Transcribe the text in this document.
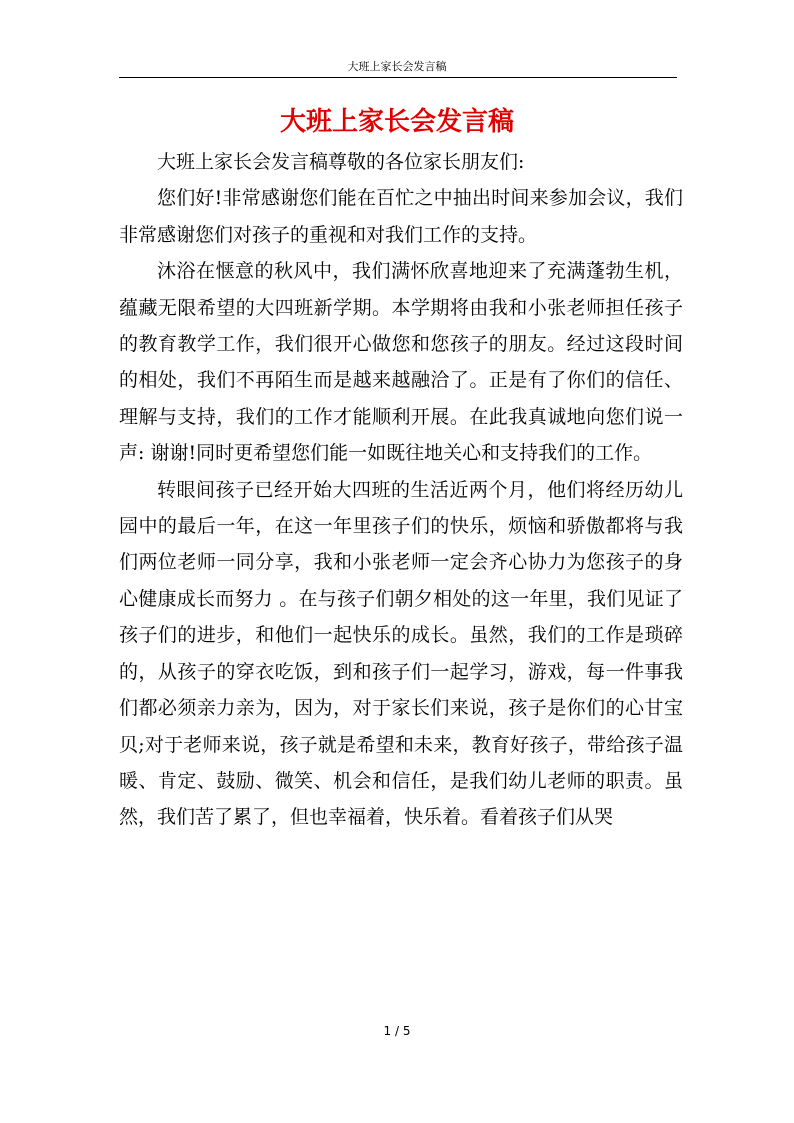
大班上家长会发言稿
大班上家长会发言稿

大班上家长会发言稿尊敬的各位家长朋友们:

您们好!非常感谢您们能在百忙之中抽出时间来参加会议，我们非常感谢您们对孩子的重视和对我们工作的支持。

沐浴在惬意的秋风中，我们满怀欣喜地迎来了充满蓬勃生机，蕴藏无限希望的大四班新学期。本学期将由我和小张老师担任孩子的教育教学工作，我们很开心做您和您孩子的朋友。经过这段时间的相处，我们不再陌生而是越来越融洽了。正是有了你们的信任、理解与支持，我们的工作才能顺利开展。在此我真诚地向您们说一声: 谢谢!同时更希望您们能一如既往地关心和支持我们的工作。

转眼间孩子已经开始大四班的生活近两个月，他们将经历幼儿园中的最后一年，在这一年里孩子们的快乐，烦恼和骄傲都将与我们两位老师一同分享，我和小张老师一定会齐心协力为您孩子的身心健康成长而努力 。在与孩子们朝夕相处的这一年里，我们见证了孩子们的进步，和他们一起快乐的成长。虽然，我们的工作是琐碎的，从孩子的穿衣吃饭，到和孩子们一起学习，游戏，每一件事我们都必须亲力亲为，因为，对于家长们来说，孩子是你们的心甘宝贝;对于老师来说，孩子就是希望和未来，教育好孩子，带给孩子温暖、肯定、鼓励、微笑、机会和信任，是我们幼儿老师的职责。虽然，我们苦了累了，但也幸福着，快乐着。看着孩子们从哭

1 / 5
